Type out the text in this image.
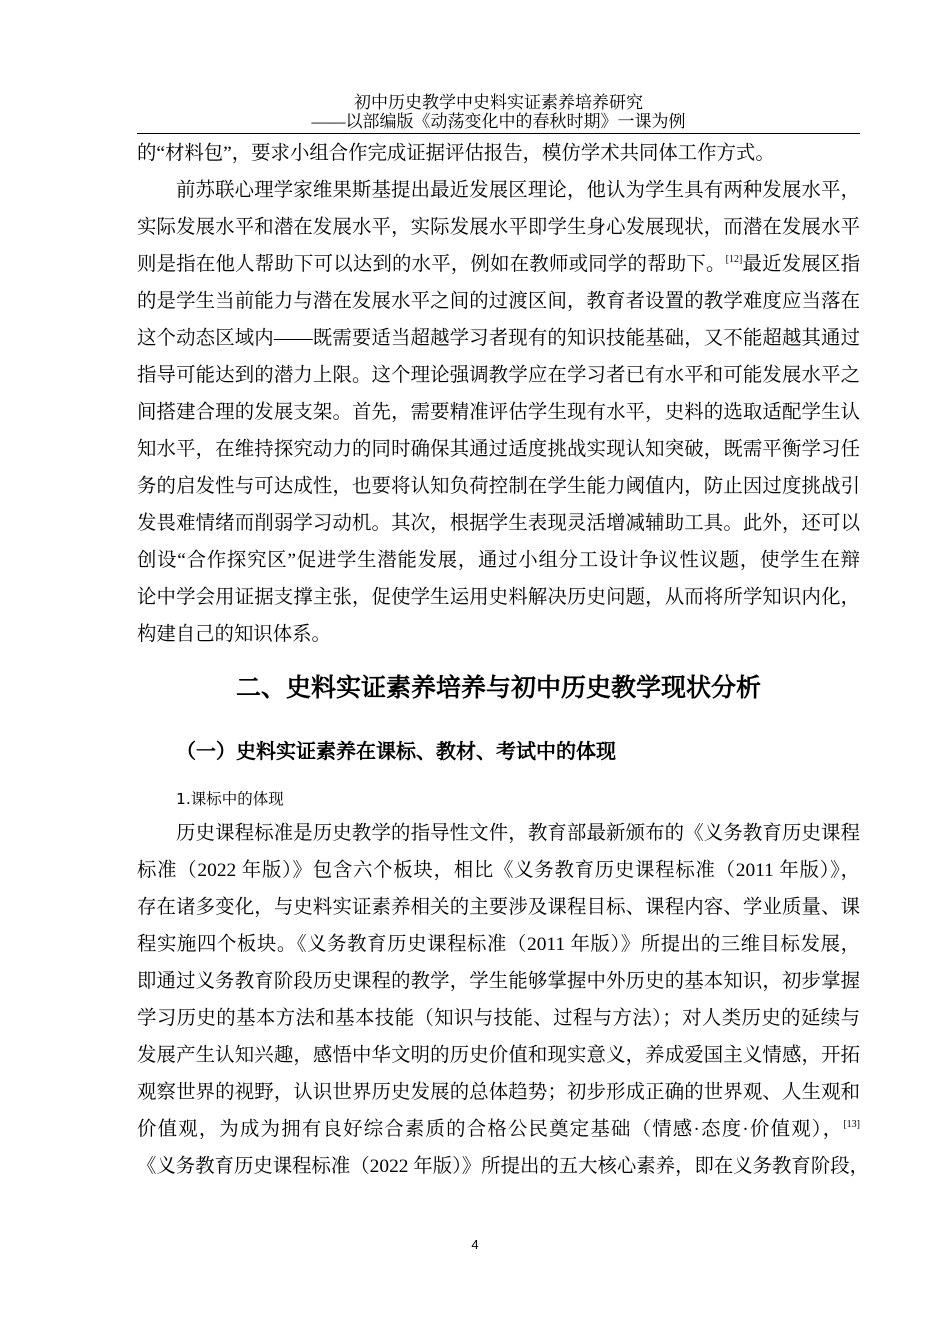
初中历史教学中史料实证素养培养研究
——以部编版《动荡变化中的春秋时期》一课为例
的“材料包”，要求小组合作完成证据评估报告，模仿学术共同体工作方式。
前苏联心理学家维果斯基提出最近发展区理论，他认为学生具有两种发展水平，
实际发展水平和潜在发展水平，实际发展水平即学生身心发展现状，而潜在发展水平
则是指在他人帮助下可以达到的水平，例如在教师或同学的帮助下。[12]最近发展区指
的是学生当前能力与潜在发展水平之间的过渡区间，教育者设置的教学难度应当落在
这个动态区域内——既需要适当超越学习者现有的知识技能基础，又不能超越其通过
指导可能达到的潜力上限。这个理论强调教学应在学习者已有水平和可能发展水平之
间搭建合理的发展支架。首先，需要精准评估学生现有水平，史料的选取适配学生认
知水平，在维持探究动力的同时确保其通过适度挑战实现认知突破，既需平衡学习任
务的启发性与可达成性，也要将认知负荷控制在学生能力阈值内，防止因过度挑战引
发畏难情绪而削弱学习动机。其次，根据学生表现灵活增减辅助工具。此外，还可以
创设“合作探究区”促进学生潜能发展，通过小组分工设计争议性议题，使学生在辩
论中学会用证据支撑主张，促使学生运用史料解决历史问题，从而将所学知识内化，
构建自己的知识体系。
二、史料实证素养培养与初中历史教学现状分析
（一）史料实证素养在课标、教材、考试中的体现
1.课标中的体现
历史课程标准是历史教学的指导性文件，教育部最新颁布的《义务教育历史课程
标准（2022 年版）》包含六个板块，相比《义务教育历史课程标准（2011 年版）》，
存在诸多变化，与史料实证素养相关的主要涉及课程目标、课程内容、学业质量、课
程实施四个板块。《义务教育历史课程标准（2011 年版）》所提出的三维目标发展，
即通过义务教育阶段历史课程的教学，学生能够掌握中外历史的基本知识，初步掌握
学习历史的基本方法和基本技能（知识与技能、过程与方法）；对人类历史的延续与
发展产生认知兴趣，感悟中华文明的历史价值和现实意义，养成爱国主义情感，开拓
观察世界的视野，认识世界历史发展的总体趋势；初步形成正确的世界观、人生观和
价值观，为成为拥有良好综合素质的合格公民奠定基础（情感·态度·价值观），[13]
《义务教育历史课程标准（2022 年版）》所提出的五大核心素养，即在义务教育阶段，
4
